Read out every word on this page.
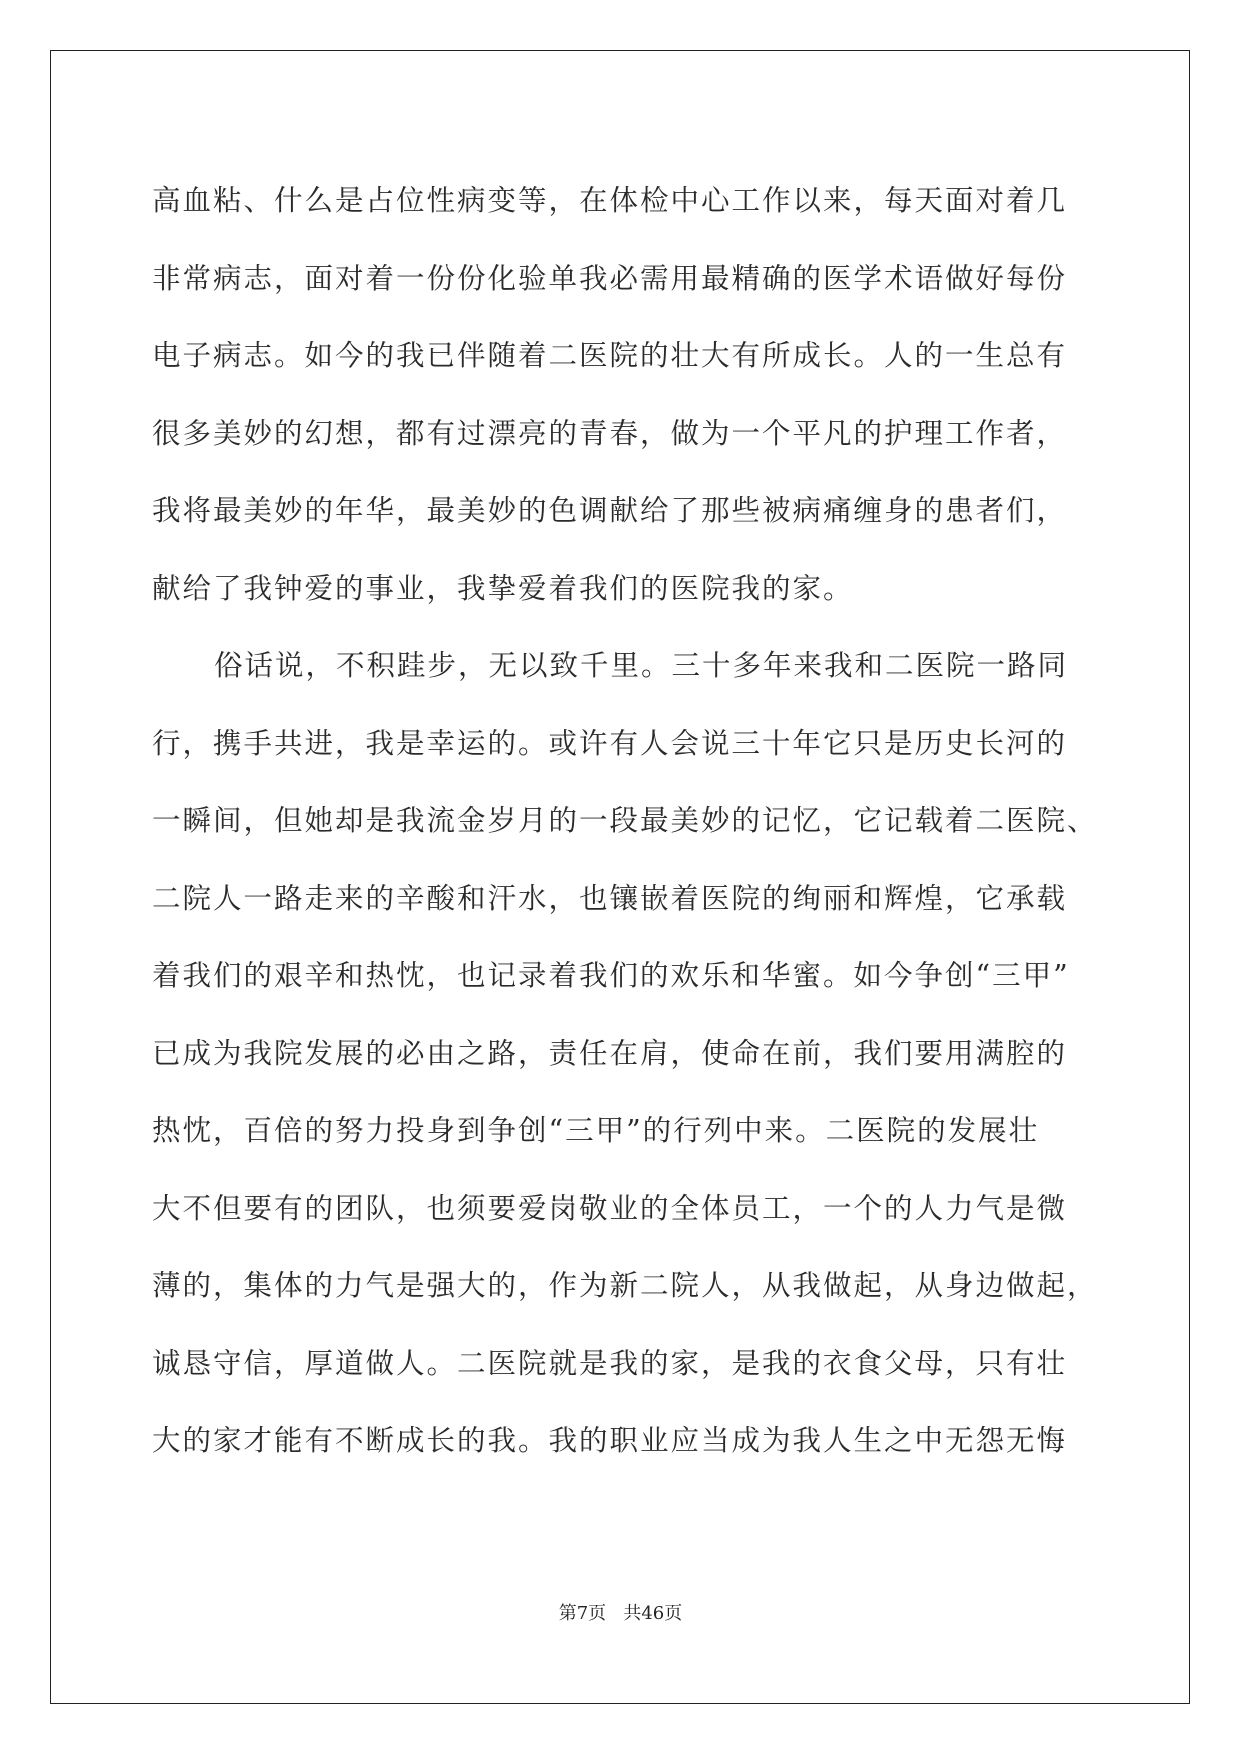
高血粘、什么是占位性病变等，在体检中心工作以来，每天面对着几
非常病志，面对着一份份化验单我必需用最精确的医学术语做好每份
电子病志。如今的我已伴随着二医院的壮大有所成长。人的一生总有
很多美妙的幻想，都有过漂亮的青春，做为一个平凡的护理工作者，
我将最美妙的年华，最美妙的色调献给了那些被病痛缠身的患者们，
献给了我钟爱的事业，我挚爱着我们的医院我的家。
俗话说，不积跬步，无以致千里。三十多年来我和二医院一路同
行，携手共进，我是幸运的。或许有人会说三十年它只是历史长河的
一瞬间，但她却是我流金岁月的一段最美妙的记忆，它记载着二医院、
二院人一路走来的辛酸和汗水，也镶嵌着医院的绚丽和辉煌，它承载
着我们的艰辛和热忱，也记录着我们的欢乐和华蜜。如今争创“三甲”
已成为我院发展的必由之路，责任在肩，使命在前，我们要用满腔的
热忱，百倍的努力投身到争创“三甲”的行列中来。二医院的发展壮
大不但要有的团队，也须要爱岗敬业的全体员工，一个的人力气是微
薄的，集体的力气是强大的，作为新二院人，从我做起，从身边做起，
诚恳守信，厚道做人。二医院就是我的家，是我的衣食父母，只有壮
大的家才能有不断成长的我。我的职业应当成为我人生之中无怨无悔
第7页 共46页
